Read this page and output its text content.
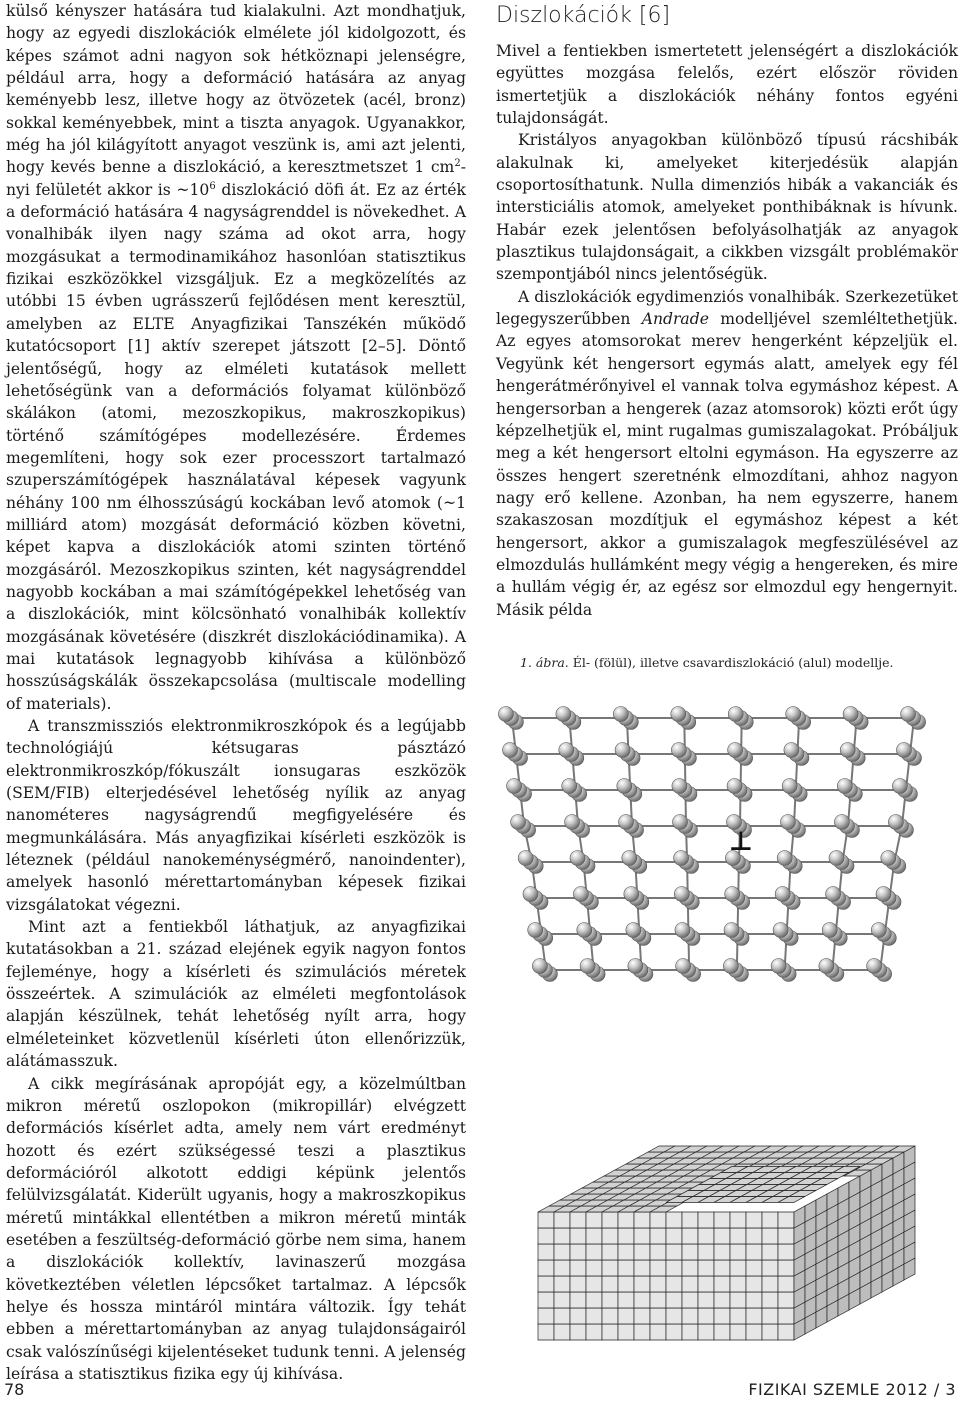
külső kényszer hatására tud kialakulni. Azt mondhatjuk, hogy az egyedi diszlokációk elmélete jól kidolgozott, és képes számot adni nagyon sok hétköznapi jelenségre, például arra, hogy a deformáció hatására az anyag keményebb lesz, illetve hogy az ötvözetek (acél, bronz) sokkal keményebbek, mint a tiszta anyagok. Ugyanakkor, még ha jól kilágyított anyagot veszünk is, ami azt jelenti, hogy kevés benne a diszlokáció, a keresztmetszet 1 $cm^2$-nyi felületét akkor is $\sim 10^6$ diszlokáció döfi át. Ez az érték a deformáció hatására 4 nagyságrenddel is növekedhet. A vonalhibák ilyen nagy száma ad okot arra, hogy mozgásukat a termodinamikához hasonlóan statisztikus fizikai eszközökkel vizsgáljuk. Ez a megközelítés az utóbbi 15 évben ugrásszerű fejlődésen ment keresztül, amelyben az ELTE Anyagfizikai Tanszékén működő kutatócsoport [1] aktív szerepet játszott [2–5]. Döntő jelentőségű, hogy az elméleti kutatások mellett lehetőségünk van a deformációs folyamat különböző skálákon (atomi, mezoszkopikus, makroszkopikus) történő számítógépes modellezésére. Érdemes megemlíteni, hogy sok ezer processzort tartalmazó szuperszámítógépek használatával képesek vagyunk néhány 100 nm élhosszúságú kockában levő atomok (~1 milliárd atom) mozgását deformáció közben követni, képet kapva a diszlokációk atomi szinten történő mozgásáról. Mezoszkopikus szinten, két nagyságrenddel nagyobb kockában a mai számítógépekkel lehetőség van a diszlokációk, mint kölcsönható vonalhibák kollektív mozgásának követésére (diszkrét diszlokációdinamika). A mai kutatások legnagyobb kihívása a különböző hosszúságskálák összekapcsolása (multiscale modelling of materials).

A transzmissziós elektronmikroszkópok és a legújabb technológiájú kétsugaras pásztázó elektronmikroszkóp/fókuszált ionsugaras eszközök (SEM/FIB) elterjedésével lehetőség nyílik az anyag nanométeres nagyságrendű megfigyelésére és megmunkálására. Más anyagfizikai kísérleti eszközök is léteznek (például nanokeménységmérő, nanoindenter), amelyek hasonló mérettartományban képesek fizikai vizsgálatokat végezni.

Mint azt a fentiekből láthatjuk, az anyagfizikai kutatásokban a 21. század elejének egyik nagyon fontos fejleménye, hogy a kísérleti és szimulációs méretek összeértek. A szimulációk az elméleti megfontolások alapján készülnek, tehát lehetőség nyílt arra, hogy elméleteinket közvetlenül kísérleti úton ellenőrizzük, alátámasszuk.

A cikk megírásának apropóját egy, a közelmúltban mikron méretű oszlopokon (mikropillár) elvégzett deformációs kísérlet adta, amely nem várt eredményt hozott és ezért szükségessé teszi a plasztikus deformációról alkotott eddigi képünk jelentős felülvizsgálatát. Kiderült ugyanis, hogy a makroszkopikus méretű mintákkal ellentétben a mikron méretű minták esetében a feszültség-deformáció görbe nem sima, hanem a diszlokációk kollektív, lavinaszerű mozgása következtében véletlen lépcsőket tartalmaz. A lépcsők helye és hossza mintáról mintára változik. Így tehát ebben a mérettartományban az anyag tulajdonságairól csak valószínűségi kijelentéseket tudunk tenni. A jelenség leírása a statisztikus fizika egy új kihívása.

Diszlokációk [6]

Mivel a fentiekben ismertetett jelenségért a diszlokációk együttes mozgása felelős, ezért először röviden ismertetjük a diszlokációk néhány fontos egyéni tulajdonságát.

Kristályos anyagokban különböző típusú rácshibák alakulnak ki, amelyeket kiterjedésük alapján csoportosíthatunk. Nulla dimenziós hibák a vakanciák és intersticiális atomok, amelyeket ponthibáknak is hívunk. Habár ezek jelentősen befolyásolhatják az anyagok plasztikus tulajdonságait, a cikkben vizsgált problémakör szempontjából nincs jelentőségük.

A diszlokációk egydimenziós vonalhibák. Szerkezetüket legegyszerűbben Andrade modelljével szemléltethetjük. Az egyes atomsorokat merev hengerként képzeljük el. Vegyünk két hengersort egymás alatt, amelyek egy fél hengerátmérőnyivel el vannak tolva egymáshoz képest. A hengersorban a hengerek (azaz atomsorok) közti erőt úgy képzelhetjük el, mint rugalmas gumiszalagokat. Próbáljuk meg a két hengersort eltolni egymáson. Ha egyszerre az összes hengert szeretnénk elmozdítani, ahhoz nagyon nagy erő kellene. Azonban, ha nem egyszerre, hanem szakaszosan mozdítjuk el egymáshoz képest a két hengersort, akkor a gumiszalagok megfeszülésével az elmozdulás hullámként megy végig a hengereken, és mire a hullám végig ér, az egész sor elmozdul egy hengernyit. Másik példa

1. ábra. Él- (fölül), illetve csavardiszlokáció (alul) modellje.
⊥
78	FIZIKAI SZEMLE 2012 / 3
